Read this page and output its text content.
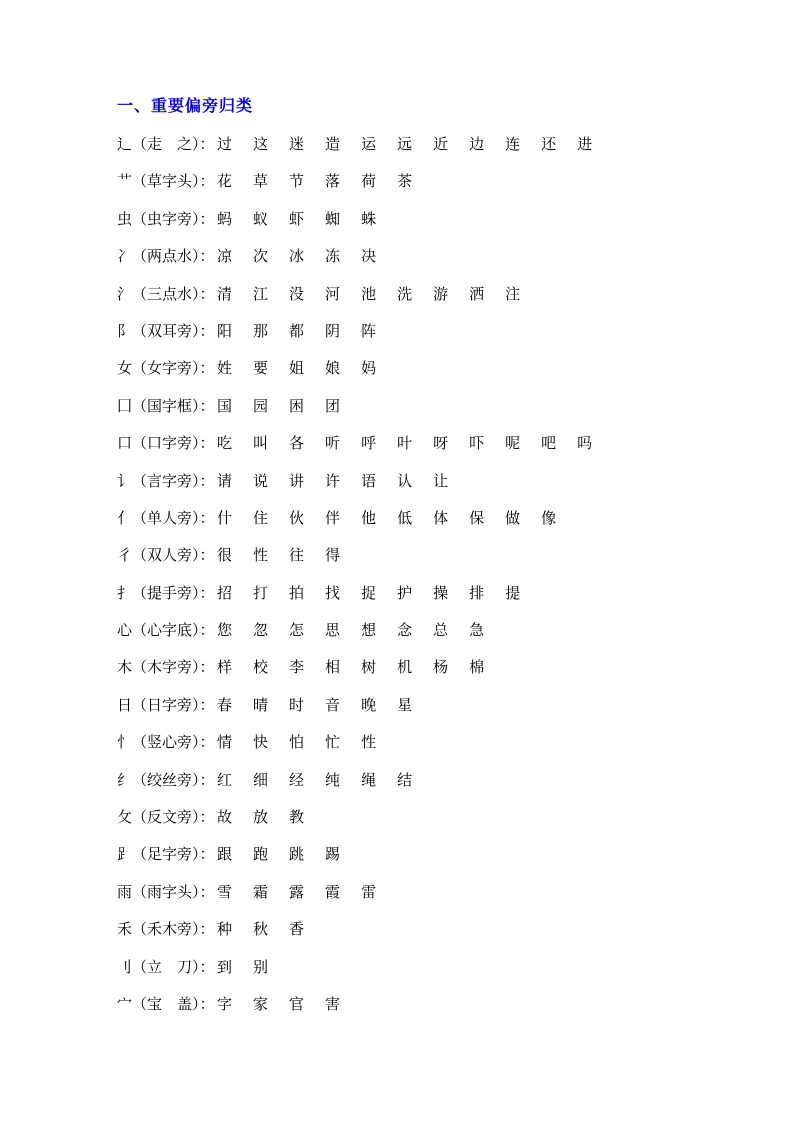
一、重要偏旁归类
辶（走　之）： 过 这 迷 造 运 远 近 边 连 还 进
艹（草字头）： 花 草 节 落 荷 茶
虫（虫字旁）： 蚂 蚁 虾 蜘 蛛
冫（两点水）： 凉 次 冰 冻 决
氵（三点水）： 清 江 没 河 池 洗 游 洒 注
阝（双耳旁）： 阳 那 都 阴 阵
女（女字旁）： 姓 要 姐 娘 妈
囗（国字框）： 国 园 困 团
口（口字旁）： 吃 叫 各 听 呼 叶 呀 吓 呢 吧 吗
讠（言字旁）： 请 说 讲 许 语 认 让
亻（单人旁）： 什 住 伙 伴 他 低 体 保 做 像
彳（双人旁）： 很 性 往 得
扌（提手旁）： 招 打 拍 找 捉 护 操 排 提
心（心字底）： 您 忽 怎 思 想 念 总 急
木（木字旁）： 样 校 李 相 树 机 杨 棉
日（日字旁）： 春 晴 时 音 晚 星
忄（竖心旁）： 情 快 怕 忙 性
纟（绞丝旁）： 红 细 经 纯 绳 结
攵（反文旁）： 故 放 教
⻊（足字旁）： 跟 跑 跳 踢
雨（雨字头）： 雪 霜 露 霞 雷
禾（禾木旁）： 种 秋 香
刂（立　刀）： 到 别
宀（宝　盖）： 字 家 官 害
